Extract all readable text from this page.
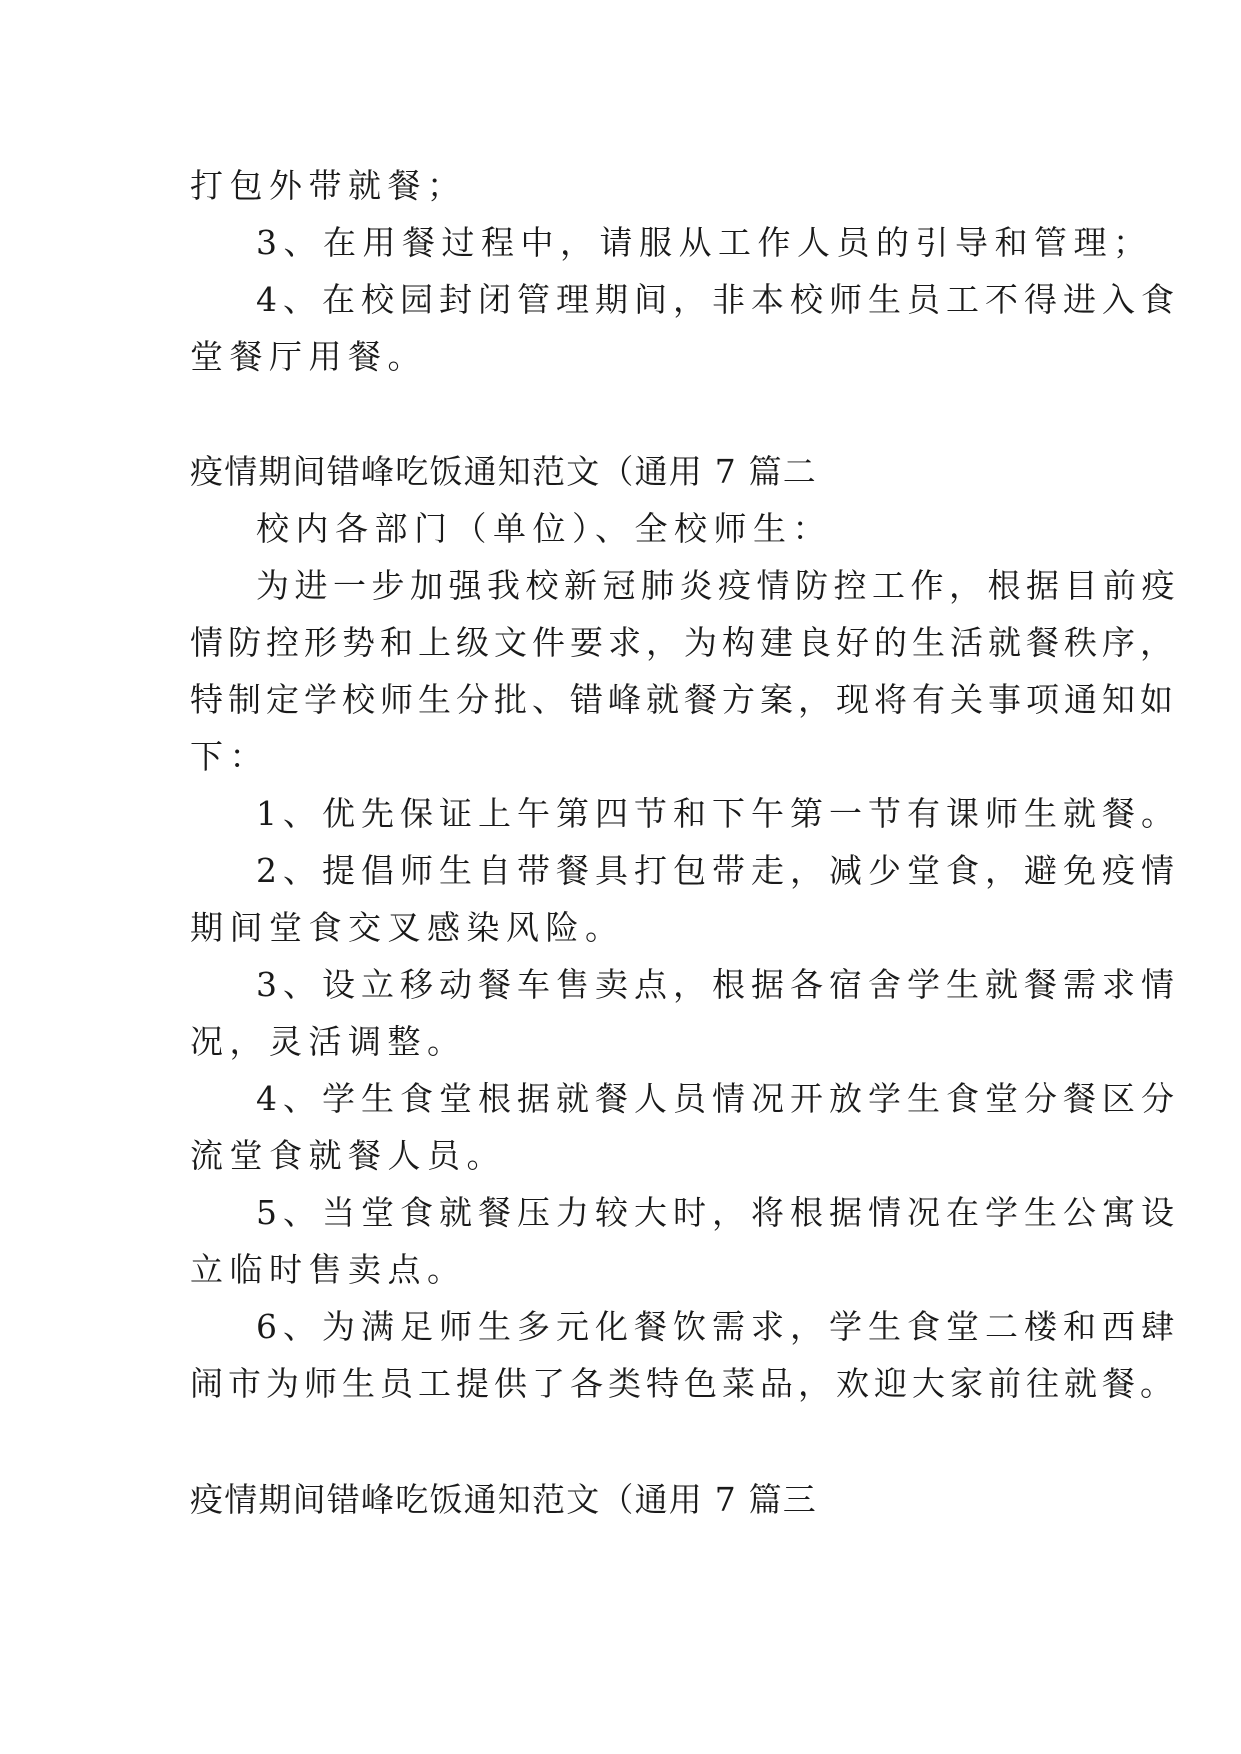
打包外带就餐；
3、在用餐过程中，请服从工作人员的引导和管理；
4、在校园封闭管理期间，非本校师生员工不得进入食
堂餐厅用餐。
疫情期间错峰吃饭通知范文（通用 7 篇二
校内各部门（单位）、全校师生：
为进一步加强我校新冠肺炎疫情防控工作，根据目前疫
情防控形势和上级文件要求，为构建良好的生活就餐秩序，
特制定学校师生分批、错峰就餐方案，现将有关事项通知如
下：
1、优先保证上午第四节和下午第一节有课师生就餐。
2、提倡师生自带餐具打包带走，减少堂食，避免疫情
期间堂食交叉感染风险。
3、设立移动餐车售卖点，根据各宿舍学生就餐需求情
况，灵活调整。
4、学生食堂根据就餐人员情况开放学生食堂分餐区分
流堂食就餐人员。
5、当堂食就餐压力较大时，将根据情况在学生公寓设
立临时售卖点。
6、为满足师生多元化餐饮需求，学生食堂二楼和西肆
闹市为师生员工提供了各类特色菜品，欢迎大家前往就餐。
疫情期间错峰吃饭通知范文（通用 7 篇三
